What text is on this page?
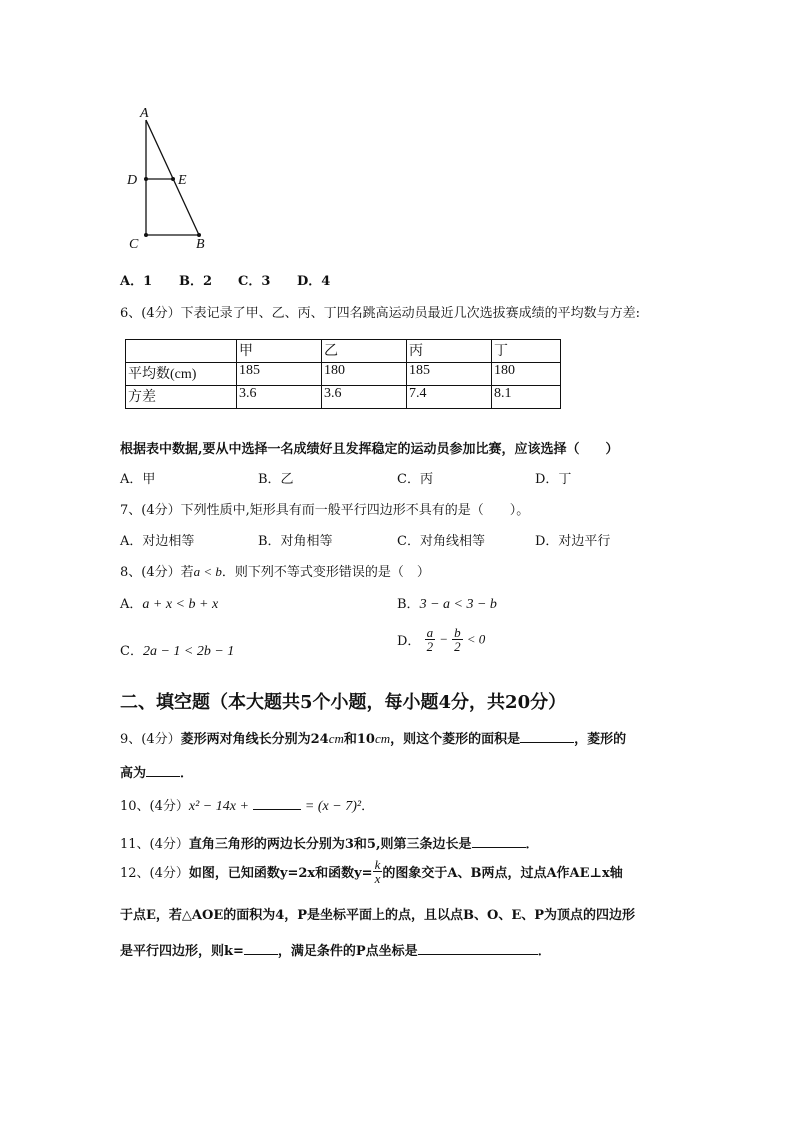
A
D	E
C	B
A．1 B．2 C．3 D．4
6、(4分）下表记录了甲、乙、丙、丁四名跳高运动员最近几次选拔赛成绩的平均数与方差:
	甲	乙	丙	丁
平均数(cm)	185	180	185	180
方差	3.6	3.6	7.4	8.1
根据表中数据,要从中选择一名成绩好且发挥稳定的运动员参加比赛，应该选择（　　）
A．甲	B．乙	C．丙	D．丁
7、(4分）下列性质中,矩形具有而一般平行四边形不具有的是（　　）。
A．对边相等	B．对角相等	C．对角线相等	D．对边平行
8、(4分）若a < b．则下列不等式变形错误的是（　）
A．a + x < b + x	B．3 − a < 3 − b
C．2a − 1 < 2b − 1
D． $\frac{a}{2} - \frac{b}{2} < 0$
二、填空题（本大题共5个小题，每小题4分，共20分）
9、(4分）菱形两对角线长分别为24cm和10cm，则这个菱形的面积是	，菱形的
高为	．
10、(4分）x² − 14x +	= (x − 7)²．
11、(4分）直角三角形的两边长分别为3和5,则第三条边长是	．
12、(4分）如图，已知函数y=2x和函数$y= \frac{k}{x}$ 的图象交于A、B两点，过点A作AE⊥x轴
于点E，若△AOE的面积为4，P是坐标平面上的点，且以点B、O、E、P为顶点的四边形
是平行四边形，则k=	，满足条件的P点坐标是	．
